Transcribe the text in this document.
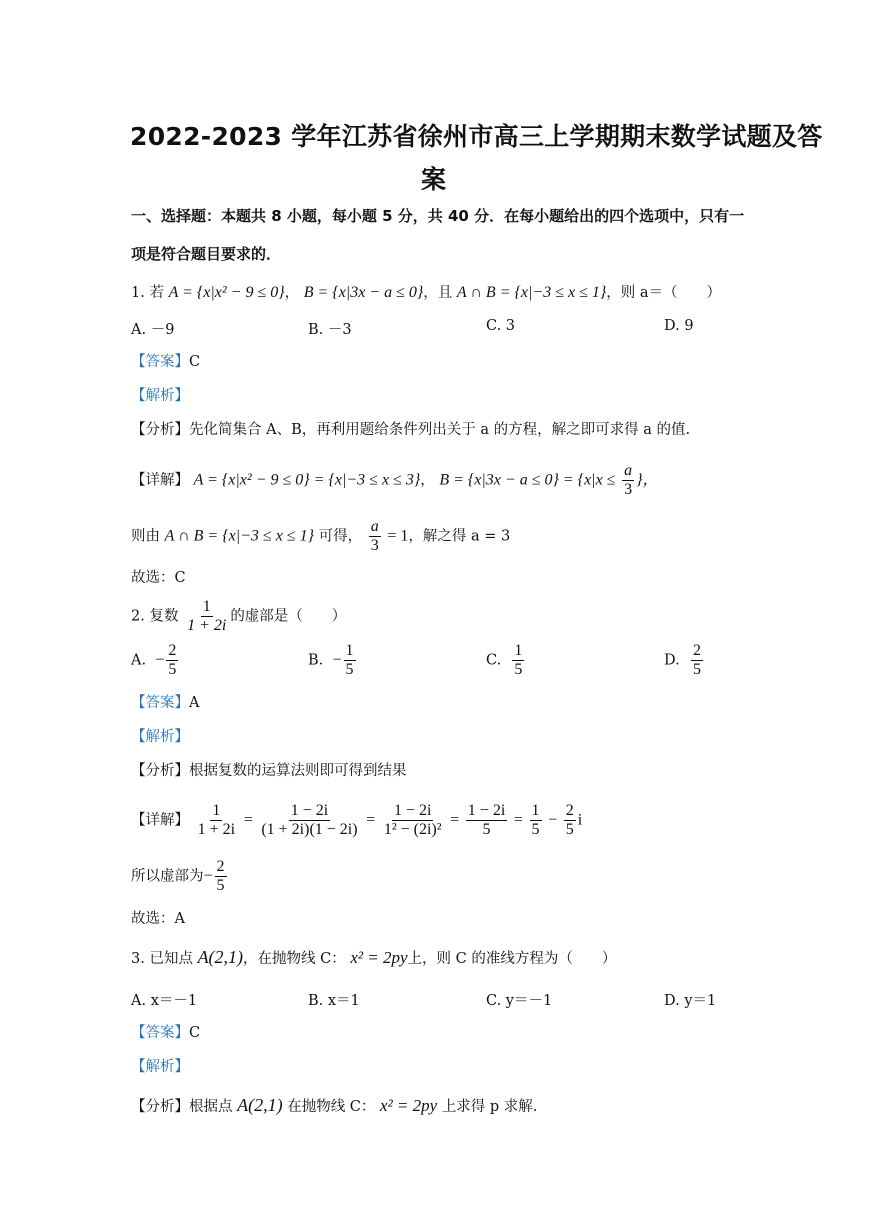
2022-2023 学年江苏省徐州市高三上学期期末数学试题及答
案
一、选择题：本题共 8 小题，每小题 5 分，共 40 分．在每小题给出的四个选项中，只有一
项是符合题目要求的．
1. 若 A = {x|x² − 9 ≤ 0}， B = {x|3x − a ≤ 0}，且 A ∩ B = {x|−3 ≤ x ≤ 1}，则 a＝（　　）
A. －9	B. －3	C. 3	D. 9
【答案】C
【解析】
【分析】先化简集合 A、B，再利用题给条件列出关于 a 的方程，解之即可求得 a 的值.
【详解】 A = {x|x² − 9 ≤ 0} = {x|−3 ≤ x ≤ 3}， $B = \{x|3x - a \le 0\} = \{x|x \le \frac{a}{3}$ }，
则由 A ∩ B = {x|−3 ≤ x ≤ 1} 可得， $\frac{a}{3} = 1$，解之得 a = 3
故选：C
2. 复数 $\frac{1}{1 + 2i}$ 的虚部是（　　）
A. − $\frac{2}{5}$	B. − $\frac{1}{5}$	C. $\frac{1}{5}$	D. $\frac{2}{5}$
【答案】A
【解析】
【分析】根据复数的运算法则即可得到结果
【详解】 $\frac{1}{1 + 2i} = \frac{1 - 2i}{(1 + 2i)(1 - 2i)} = \frac{1 - 2i}{\text{1² − (2i)²}} = \frac{1 - 2i}{5} = \frac{1}{5} - \frac{2}{5}$ i
所以虚部为− $\frac{2}{5}$
故选：A
3. 已知点 A(2,1)，在抛物线 C： x² = 2py上，则 C 的准线方程为（　　）
A. x＝－1	B. x＝1	C. y＝－1	D. y＝1
【答案】C
【解析】
【分析】根据点 A(2,1) 在抛物线 C： x² = 2py 上求得 p 求解.
